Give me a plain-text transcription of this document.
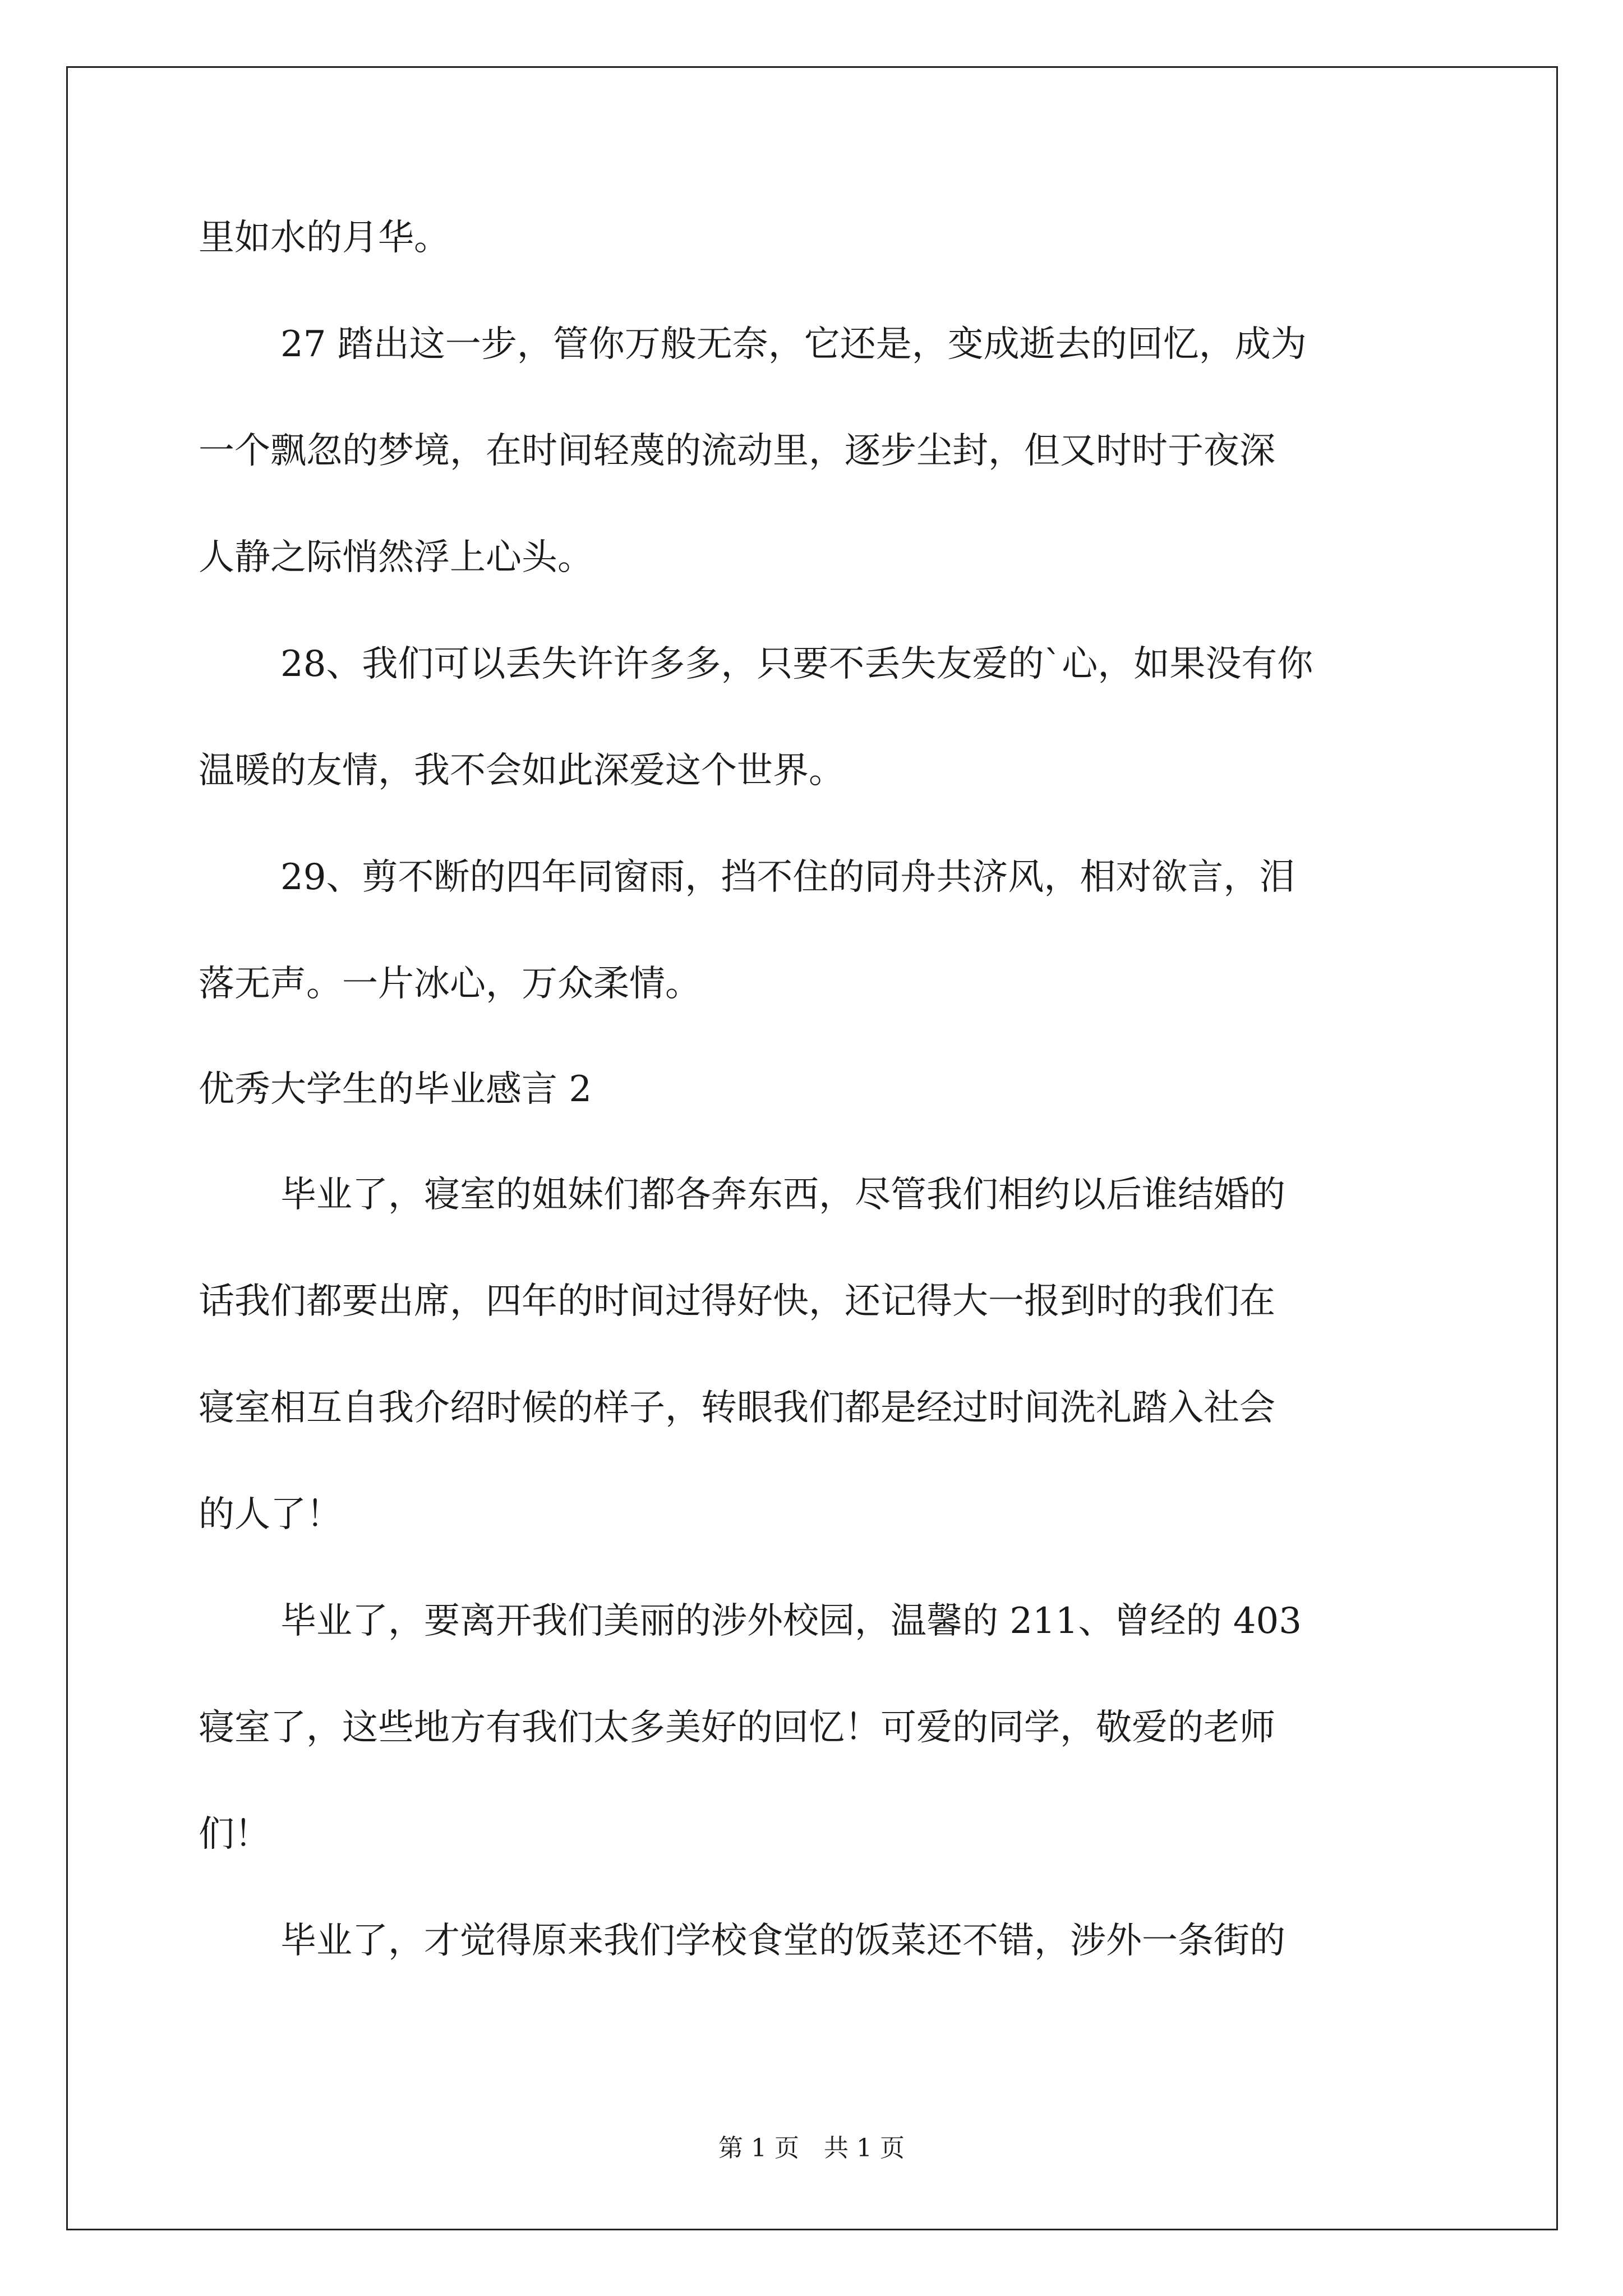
里如水的月华。

27 踏出这一步，管你万般无奈，它还是，变成逝去的回忆，成为

一个飘忽的梦境，在时间轻蔑的流动里，逐步尘封，但又时时于夜深

人静之际悄然浮上心头。

28、我们可以丢失许许多多，只要不丢失友爱的`心，如果没有你

温暖的友情，我不会如此深爱这个世界。

29、剪不断的四年同窗雨，挡不住的同舟共济风，相对欲言，泪

落无声。一片冰心，万众柔情。

优秀大学生的毕业感言 2

毕业了，寝室的姐妹们都各奔东西，尽管我们相约以后谁结婚的

话我们都要出席，四年的时间过得好快，还记得大一报到时的我们在

寝室相互自我介绍时候的样子，转眼我们都是经过时间洗礼踏入社会

的人了！

毕业了，要离开我们美丽的涉外校园，温馨的 211、曾经的 403

寝室了，这些地方有我们太多美好的回忆！可爱的同学，敬爱的老师

们！

毕业了，才觉得原来我们学校食堂的饭菜还不错，涉外一条街的

第 1 页 共 1 页
